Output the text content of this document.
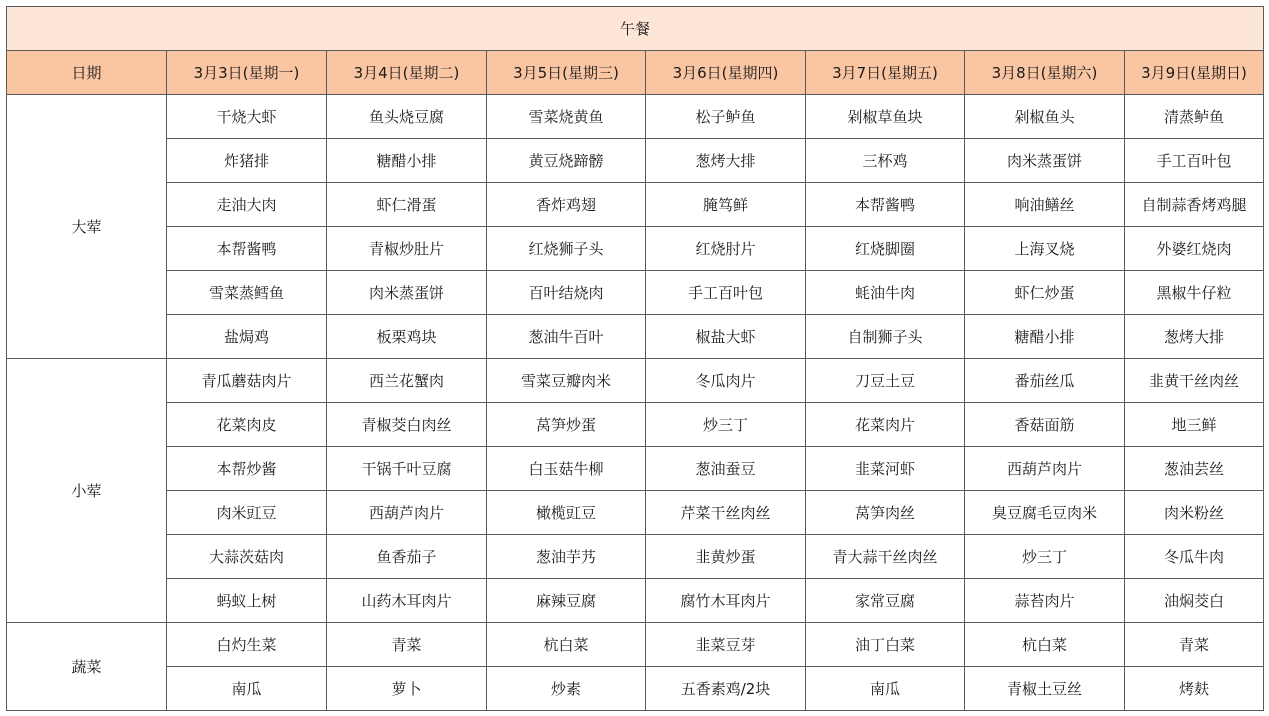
午餐							
日期	3月3日(星期一)	3月4日(星期二)	3月5日(星期三)	3月6日(星期四)	3月7日(星期五)	3月8日(星期六)	3月9日(星期日)
大荤	干烧大虾	鱼头烧豆腐	雪菜烧黄鱼	松子鲈鱼	剁椒草鱼块	剁椒鱼头	清蒸鲈鱼
	炸猪排	糖醋小排	黄豆烧蹄髈	葱烤大排	三杯鸡	肉米蒸蛋饼	手工百叶包
	走油大肉	虾仁滑蛋	香炸鸡翅	腌笃鲜	本帮酱鸭	响油鳝丝	自制蒜香烤鸡腿
	本帮酱鸭	青椒炒肚片	红烧狮子头	红烧肘片	红烧脚圈	上海叉烧	外婆红烧肉
	雪菜蒸鳕鱼	肉米蒸蛋饼	百叶结烧肉	手工百叶包	蚝油牛肉	虾仁炒蛋	黑椒牛仔粒
	盐焗鸡	板栗鸡块	葱油牛百叶	椒盐大虾	自制狮子头	糖醋小排	葱烤大排
小荤	青瓜蘑菇肉片	西兰花蟹肉	雪菜豆瓣肉米	冬瓜肉片	刀豆土豆	番茄丝瓜	韭黄干丝肉丝
	花菜肉皮	青椒茭白肉丝	莴笋炒蛋	炒三丁	花菜肉片	香菇面筋	地三鲜
	本帮炒酱	干锅千叶豆腐	白玉菇牛柳	葱油蚕豆	韭菜河虾	西葫芦肉片	葱油芸丝
	肉米豇豆	西葫芦肉片	橄榄豇豆	芹菜干丝肉丝	莴笋肉丝	臭豆腐毛豆肉米	肉米粉丝
	大蒜茨菇肉	鱼香茄子	葱油芋艿	韭黄炒蛋	青大蒜干丝肉丝	炒三丁	冬瓜牛肉
	蚂蚁上树	山药木耳肉片	麻辣豆腐	腐竹木耳肉片	家常豆腐	蒜苔肉片	油焖茭白
蔬菜	白灼生菜	青菜	杭白菜	韭菜豆芽	油丁白菜	杭白菜	青菜
	南瓜	萝卜	炒素	五香素鸡/2块	南瓜	青椒土豆丝	烤麸
